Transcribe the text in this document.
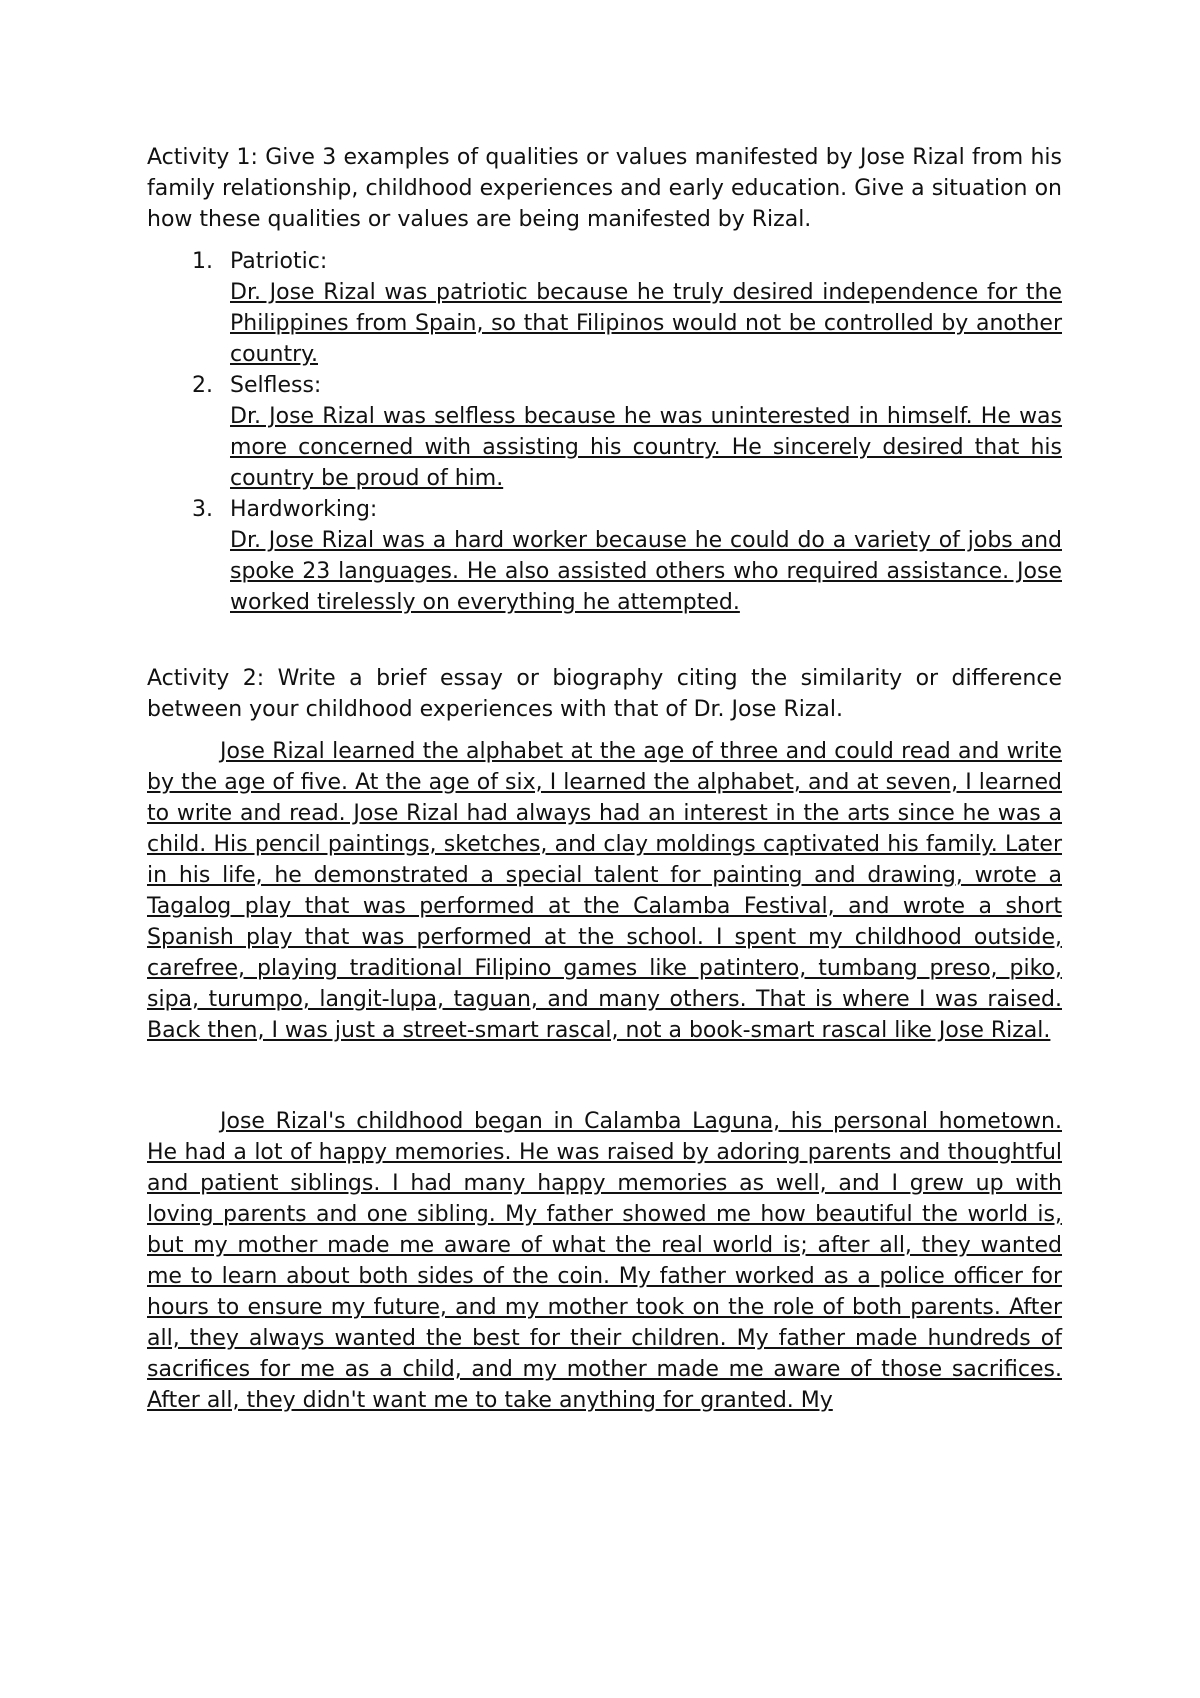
Activity 1: Give 3 examples of qualities or values manifested by Jose Rizal from his family relationship, childhood experiences and early education. Give a situation on how these qualities or values are being manifested by Rizal.

1. Patriotic:
Dr. Jose Rizal was patriotic because he truly desired independence for the Philippines from Spain, so that Filipinos would not be controlled by another country.
2. Selfless:
Dr. Jose Rizal was selfless because he was uninterested in himself. He was more concerned with assisting his country. He sincerely desired that his country be proud of him.
3. Hardworking:
Dr. Jose Rizal was a hard worker because he could do a variety of jobs and spoke 23 languages. He also assisted others who required assistance. Jose worked tirelessly on everything he attempted.

Activity 2: Write a brief essay or biography citing the similarity or difference between your childhood experiences with that of Dr. Jose Rizal.

Jose Rizal learned the alphabet at the age of three and could read and write by the age of five. At the age of six, I learned the alphabet, and at seven, I learned to write and read. Jose Rizal had always had an interest in the arts since he was a child. His pencil paintings, sketches, and clay moldings captivated his family. Later in his life, he demonstrated a special talent for painting and drawing, wrote a Tagalog play that was performed at the Calamba Festival, and wrote a short Spanish play that was performed at the school. I spent my childhood outside, carefree, playing traditional Filipino games like patintero, tumbang preso, piko, sipa, turumpo, langit-lupa, taguan, and many others. That is where I was raised. Back then, I was just a street-smart rascal, not a book-smart rascal like Jose Rizal.

Jose Rizal's childhood began in Calamba Laguna, his personal hometown. He had a lot of happy memories. He was raised by adoring parents and thoughtful and patient siblings. I had many happy memories as well, and I grew up with loving parents and one sibling. My father showed me how beautiful the world is, but my mother made me aware of what the real world is; after all, they wanted me to learn about both sides of the coin. My father worked as a police officer for hours to ensure my future, and my mother took on the role of both parents. After all, they always wanted the best for their children. My father made hundreds of sacrifices for me as a child, and my mother made me aware of those sacrifices. After all, they didn't want me to take anything for granted. My
